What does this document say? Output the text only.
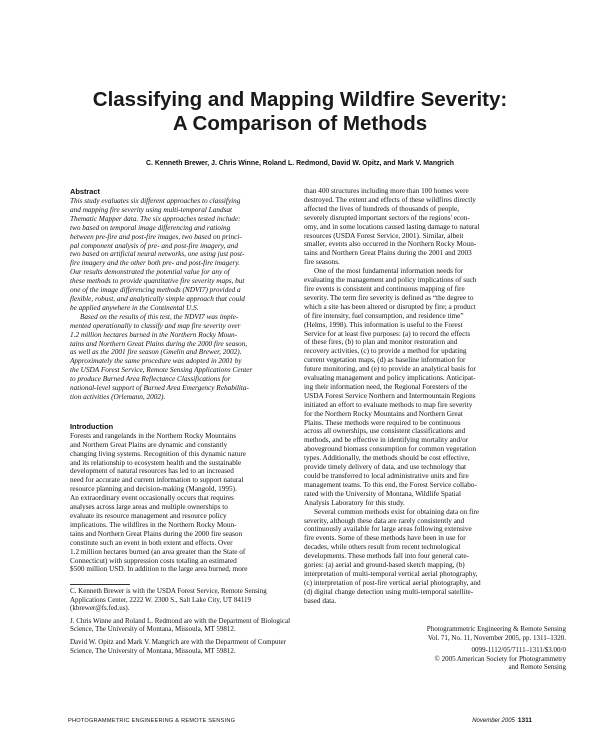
Classifying and Mapping Wildfire Severity:
A Comparison of Methods
C. Kenneth Brewer, J. Chris Winne, Roland L. Redmond, David W. Opitz, and Mark V. Mangrich

Abstract

This study evaluates six different approaches to classifying
and mapping fire severity using multi-temporal Landsat
Thematic Mapper data. The six approaches tested include:
two based on temporal image differencing and ratioing
between pre-fire and post-fire images, two based on princi-
pal component analysis of pre- and post-fire imagery, and
two based on artificial neural networks, one using just post-
fire imagery and the other both pre- and post-fire imagery.
Our results demonstrated the potential value for any of
these methods to provide quantitative fire severity maps, but
one of the image differencing methods (NDVI7) provided a
flexible, robust, and analytically simple approach that could
be applied anywhere in the Continental U.S.
Based on the results of this test, the NDVI7 was imple-
mented operationally to classify and map fire severity over
1.2 million hectares burned in the Northern Rocky Moun-
tains and Northern Great Plains during the 2000 fire season,
as well as the 2001 fire season (Gmelin and Brewer, 2002).
Approximately the same procedure was adopted in 2001 by
the USDA Forest Service, Remote Sensing Applications Center
to produce Burned Area Reflectance Classifications for
national-level support of Burned Area Emergency Rehabilita-
tion activities (Orlemann, 2002).

Introduction

Forests and rangelands in the Northern Rocky Mountains
and Northern Great Plains are dynamic and constantly
changing living systems. Recognition of this dynamic nature
and its relationship to ecosystem health and the sustainable
development of natural resources has led to an increased
need for accurate and current information to support natural
resource planning and decision-making (Mangold, 1995).
An extraordinary event occasionally occurs that requires
analyses across large areas and multiple ownerships to
evaluate its resource management and resource policy
implications. The wildfires in the Northern Rocky Moun-
tains and Northern Great Plains during the 2000 fire season
constitute such an event in both extent and effects. Over
1.2 million hectares burned (an area greater than the State of
Connecticut) with suppression costs totaling an estimated
$500 million USD. In addition to the large area burned, more
than 400 structures including more than 100 homes were
destroyed. The extent and effects of these wildfires directly
affected the lives of hundreds of thousands of people,
severely disrupted important sectors of the regions' econ-
omy, and in some locations caused lasting damage to natural
resources (USDA Forest Service, 2001). Similar, albeit
smaller, events also occurred in the Northern Rocky Moun-
tains and Northern Great Plains during the 2001 and 2003
fire seasons.
One of the most fundamental information needs for
evaluating the management and policy implications of such
fire events is consistent and continuous mapping of fire
severity. The term fire severity is defined as “the degree to
which a site has been altered or disrupted by fire; a product
of fire intensity, fuel consumption, and residence time”
(Helms, 1998). This information is useful to the Forest
Service for at least five purposes: (a) to record the effects
of these fires, (b) to plan and monitor restoration and
recovery activities, (c) to provide a method for updating
current vegetation maps, (d) as baseline information for
future monitoring, and (e) to provide an analytical basis for
evaluating management and policy implications. Anticipat-
ing their information need, the Regional Foresters of the
USDA Forest Service Northern and Intermountain Regions
initiated an effort to evaluate methods to map fire severity
for the Northern Rocky Mountains and Northern Great
Plains. These methods were required to be continuous
across all ownerships, use consistent classifications and
methods, and be effective in identifying mortality and/or
aboveground biomass consumption for common vegetation
types. Additionally, the methods should be cost effective,
provide timely delivery of data, and use technology that
could be transferred to local administrative units and fire
management teams. To this end, the Forest Service collabo-
rated with the University of Montana, Wildlife Spatial
Analysis Laboratory for this study.
Several common methods exist for obtaining data on fire
severity, although these data are rarely consistently and
continuously available for large areas following extensive
fire events. Some of these methods have been in use for
decades, while others result from recent technological
developments. These methods fall into four general cate-
gories: (a) aerial and ground-based sketch mapping, (b)
interpretation of multi-temporal vertical aerial photography,
(c) interpretation of post-fire vertical aerial photography, and
(d) digital change detection using multi-temporal satellite-
based data.

C. Kenneth Brewer is with the USDA Forest Service, Remote Sensing Applications Center, 2222 W. 2300 S., Salt Lake City, UT 84119 (kbrewer@fs.fed.us).

J. Chris Winne and Roland L. Redmond are with the Department of Biological Science, The University of Montana, Missoula, MT 59812.

David W. Opitz and Mark V. Mangrich are with the Department of Computer Science, The University of Montana, Missoula, MT 59812.

Photogrammetric Engineering & Remote Sensing

Vol. 71, No. 11, November 2005, pp. 1311–1320.

0099-1112/05/7111–1311/$3.00/0

© 2005 American Society for Photogrammetry

and Remote Sensing

PHOTOGRAMMETRIC ENGINEERING & REMOTE SENSING	November 2005 1311
